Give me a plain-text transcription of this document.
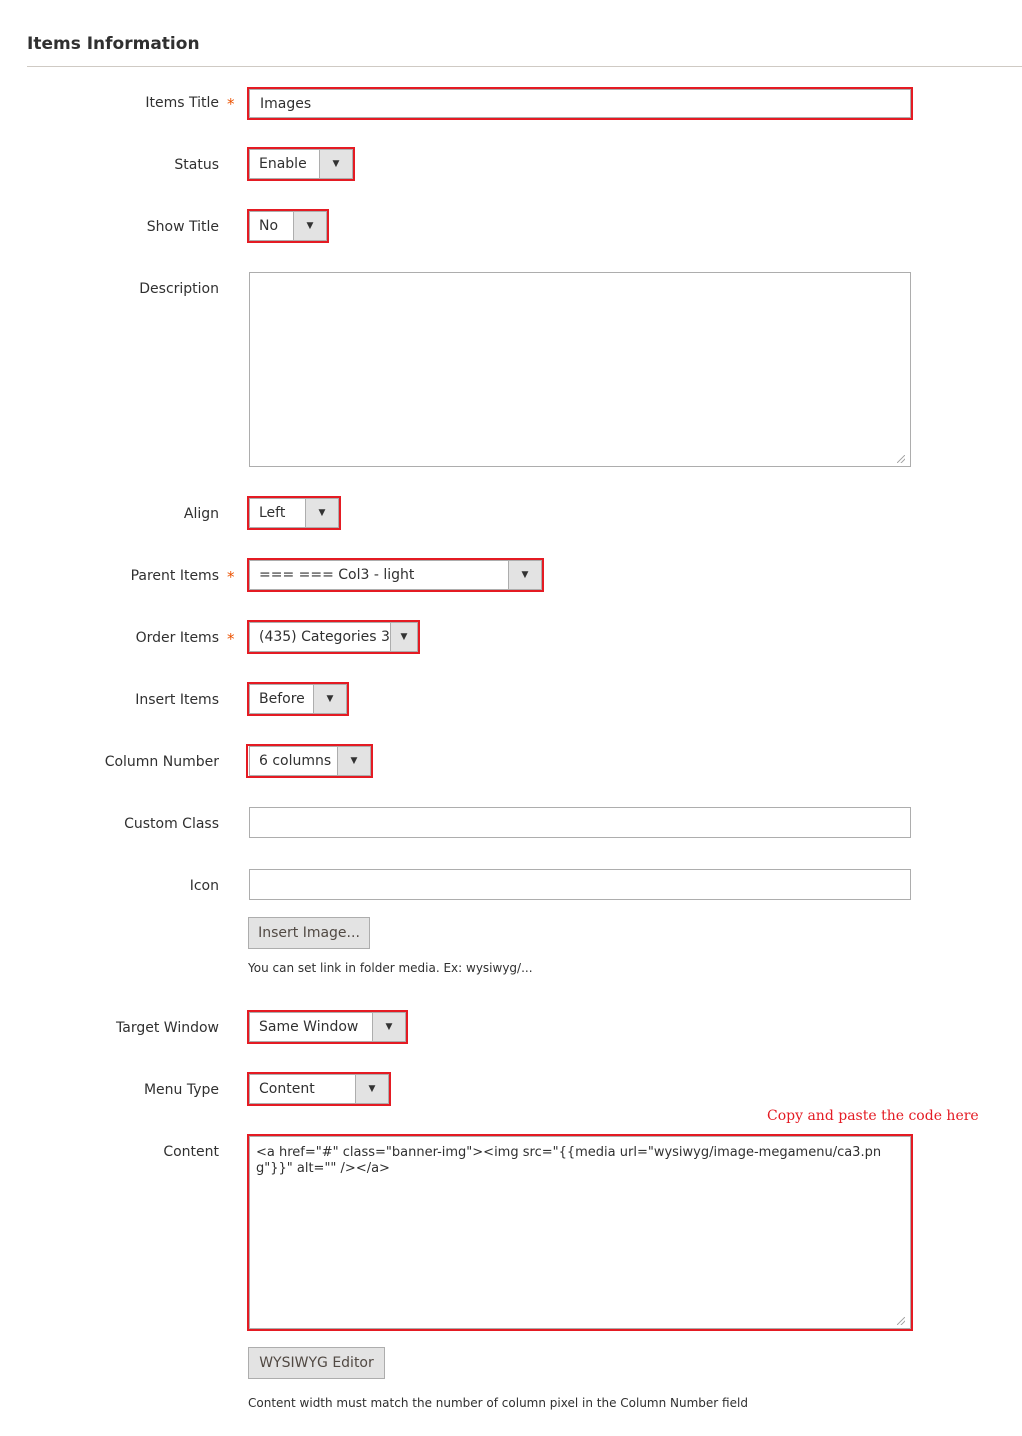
Items Information
Items Title *	Images
Status	Enable	▼
Show Title	No	▼
Description
Align	Left	▼
Parent Items *	=== === Col3 - light	▼
Order Items *	(435) Categories 3	▼
Insert Items	Before	▼
Column Number	6 columns	▼
Custom Class
Icon
Insert Image...
You can set link in folder media. Ex: wysiwyg/...
Target Window	Same Window	▼
Menu Type	Content	▼
Copy and paste the code here
Content	<a href="#" class="banner-img"><img src="{{media url="wysiwyg/image-megamenu/ca3.png"}}" alt="" /></a>
WYSIWYG Editor
Content width must match the number of column pixel in the Column Number field
